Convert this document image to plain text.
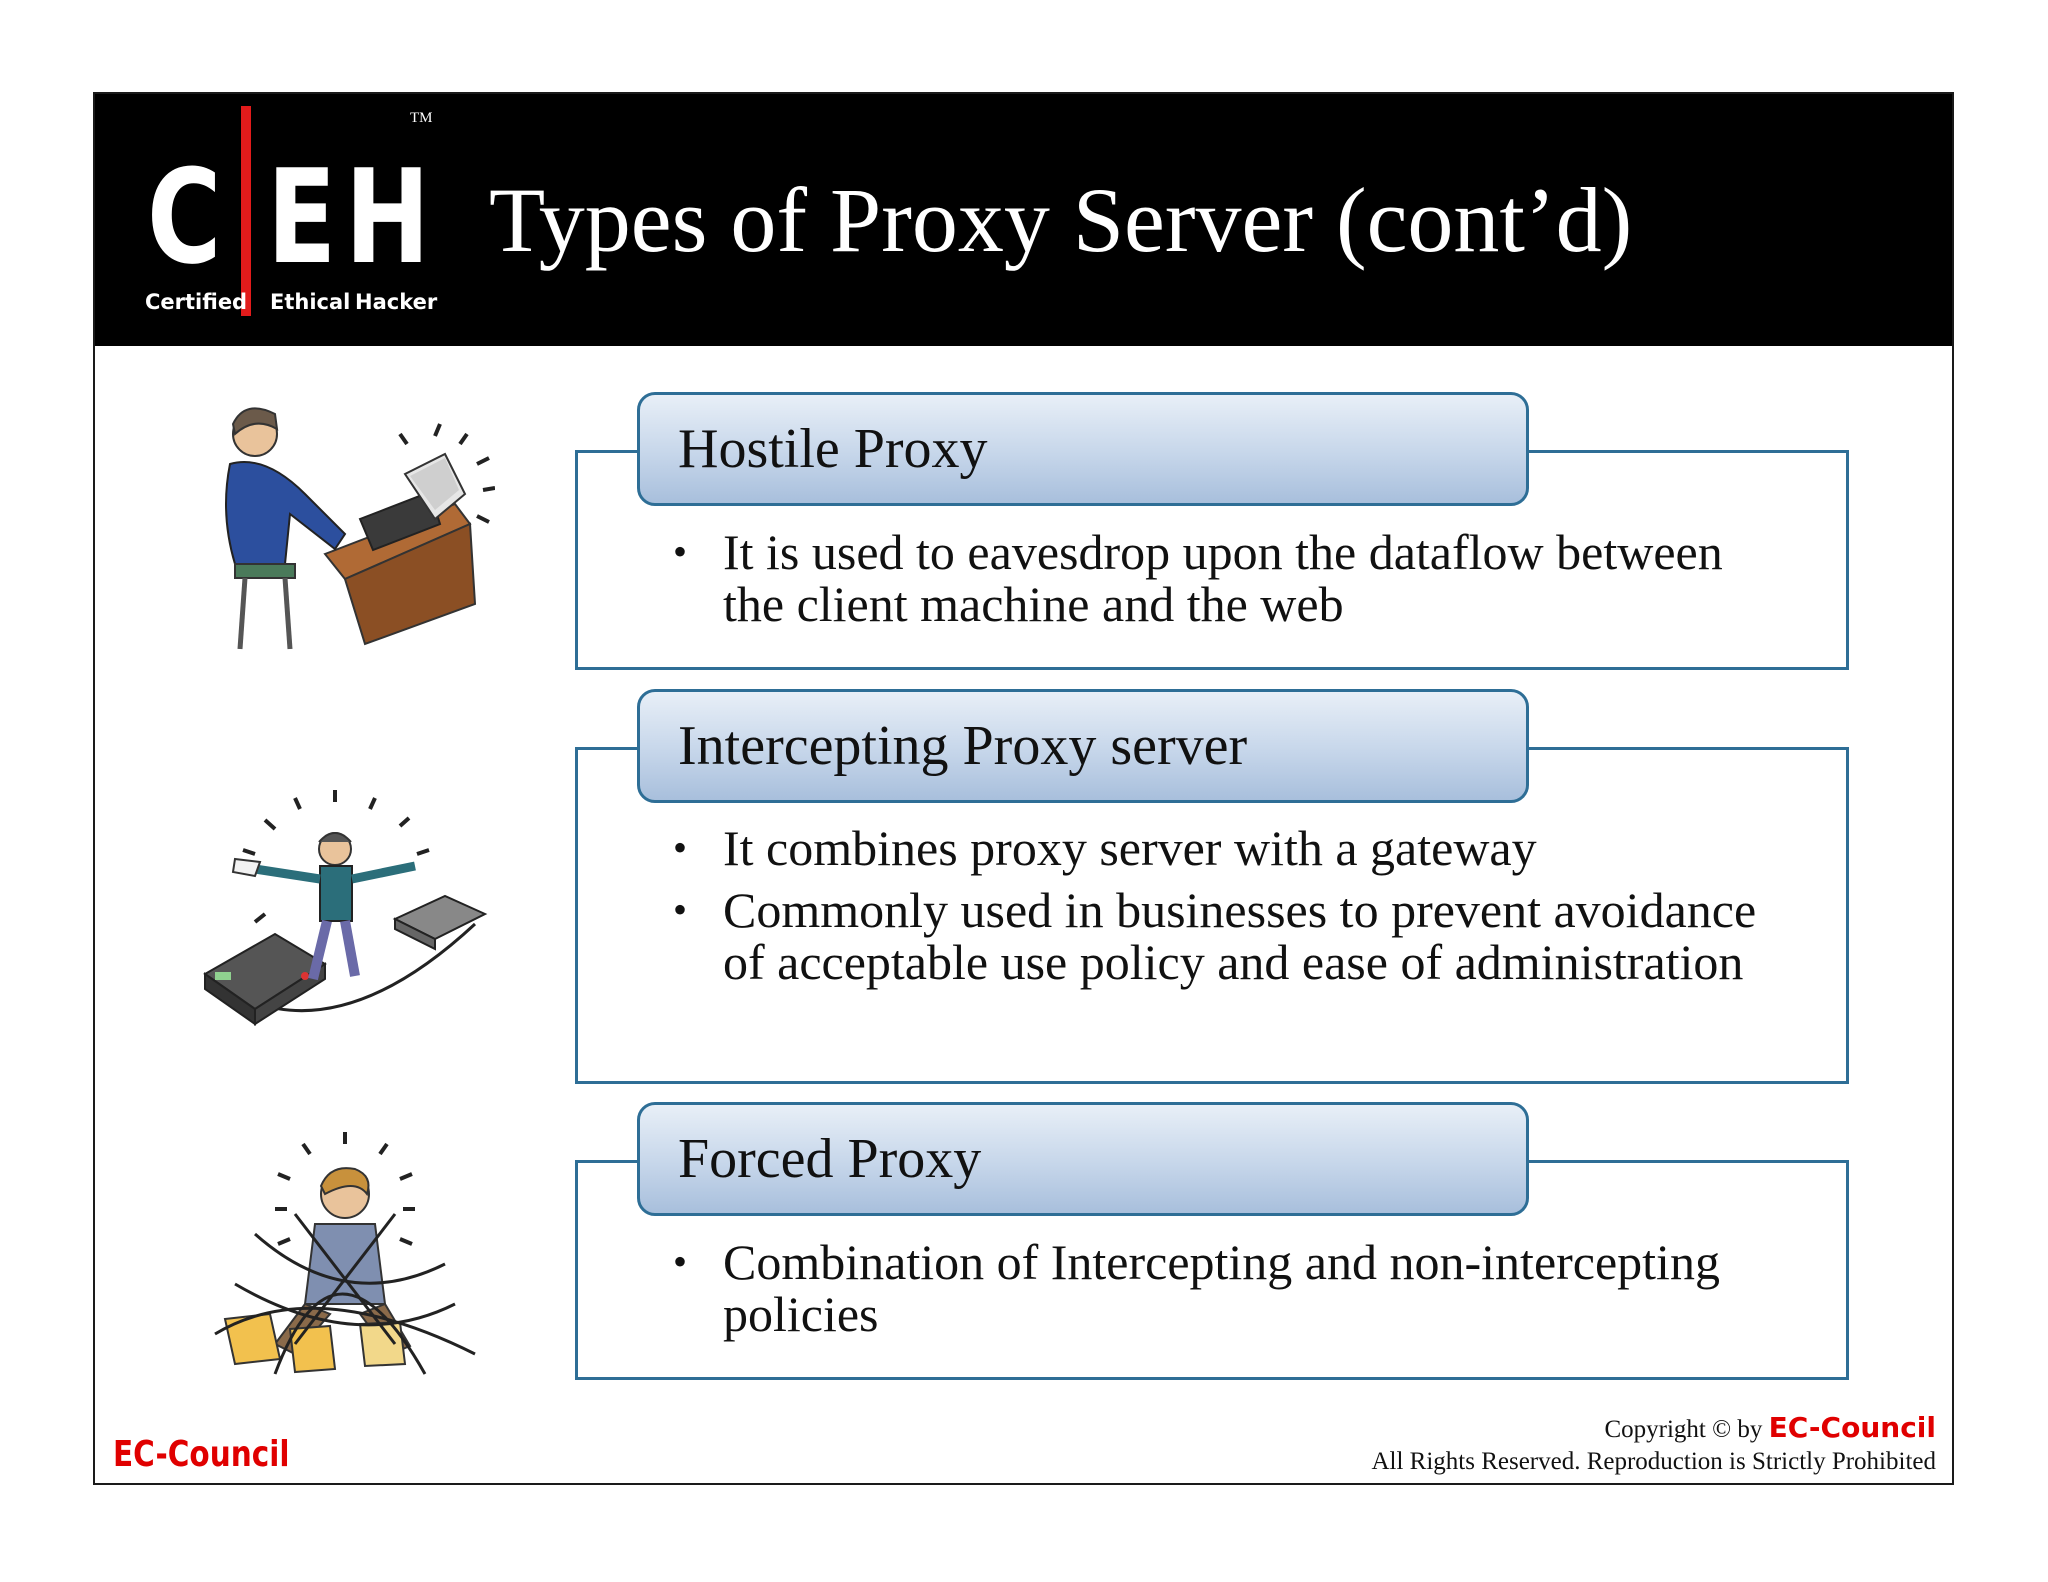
C E H
Certified Ethical Hacker
TM
Types of Proxy Server (cont’d)
Hostile Proxy
• It is used to eavesdrop upon the dataflow between the client machine and the web
Intercepting Proxy server
• It combines proxy server with a gateway
• Commonly used in businesses to prevent avoidance of acceptable use policy and ease of administration
Forced Proxy
• Combination of Intercepting and non-intercepting policies
EC-Council
Copyright © by EC-Council
All Rights Reserved. Reproduction is Strictly Prohibited
